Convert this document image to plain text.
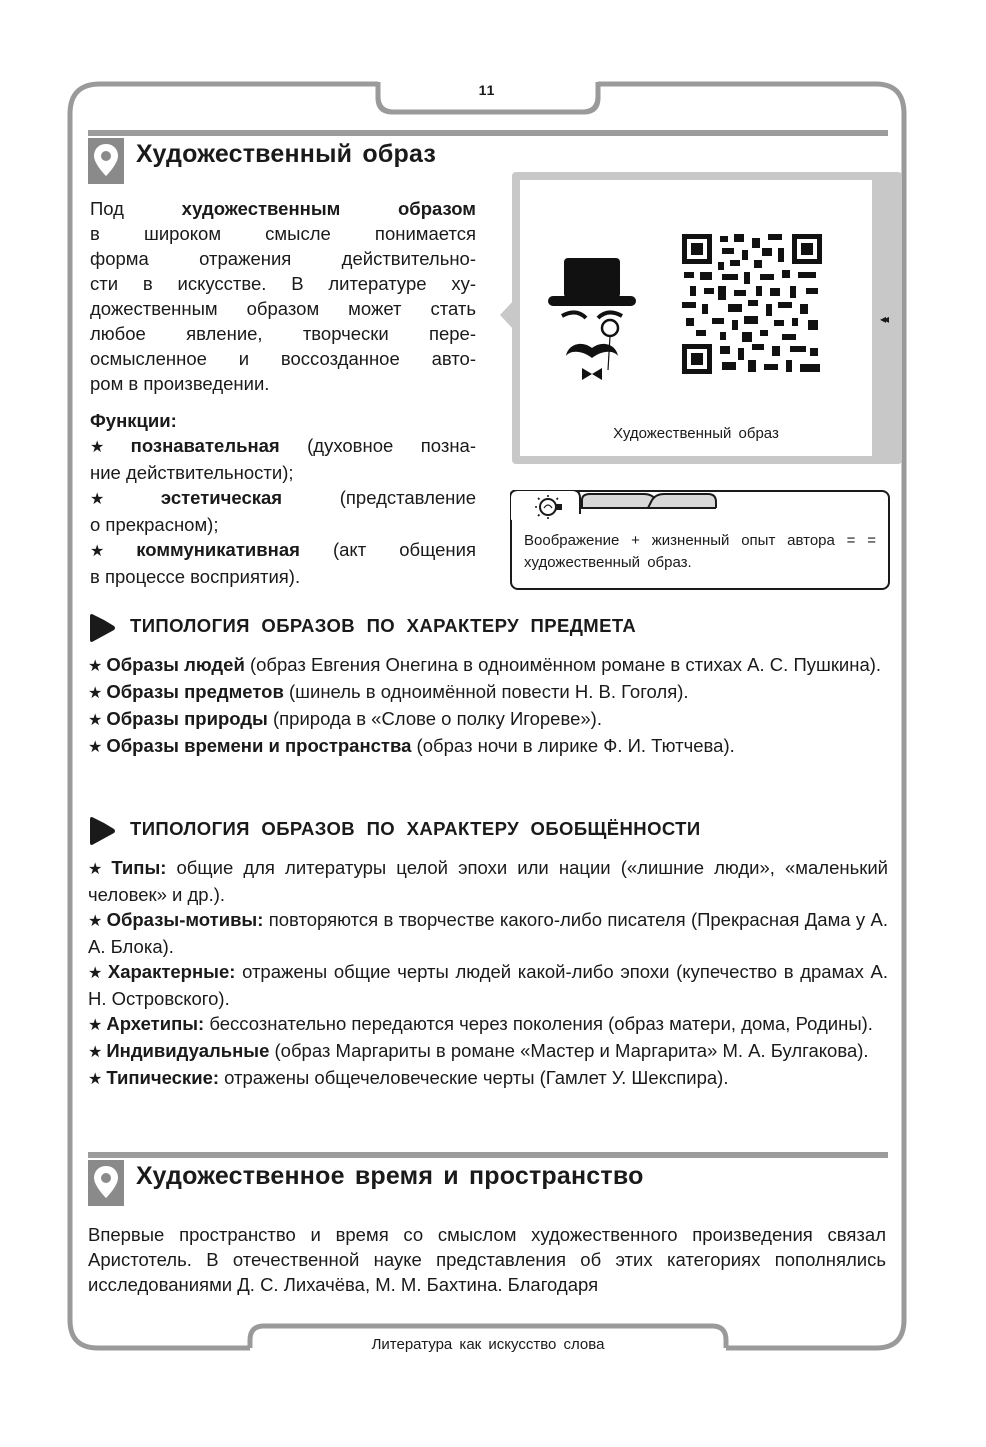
11
Художественный образ
Под художественным образом
в широком смысле понимается
форма отражения действительно-
сти в искусстве. В литературе ху-
дожественным образом может стать
любое явление, творчески пере-
осмысленное и воссозданное авто-
ром в произведении.
Функции:
★ познавательная (духовное позна-
ние действительности);
★ эстетическая (представление
о прекрасном);
★ коммуникативная (акт общения
в процессе восприятия).
Художественный образ
◂◂
Воображение + жизненный опыт автора = = художественный образ.
ТИПОЛОГИЯ ОБРАЗОВ ПО ХАРАКТЕРУ ПРЕДМЕТА

★ Образы людей (образ Евгения Онегина в одноимённом романе в стихах А. С. Пушкина).

★ Образы предметов (шинель в одноимённой повести Н. В. Гоголя).

★ Образы природы (природа в «Слове о полку Игореве»).

★ Образы времени и пространства (образ ночи в лирике Ф. И. Тютчева).

ТИПОЛОГИЯ ОБРАЗОВ ПО ХАРАКТЕРУ ОБОБЩЁННОСТИ

★ Типы: общие для литературы целой эпохи или нации («лишние люди», «маленький человек» и др.).

★ Образы-мотивы: повторяются в творчестве какого-либо писателя (Прекрасная Дама у А. А. Блока).

★ Характерные: отражены общие черты людей какой-либо эпохи (купечество в драмах А. Н. Островского).

★ Архетипы: бессознательно передаются через поколения (образ матери, дома, Родины).

★ Индивидуальные (образ Маргариты в романе «Мастер и Маргарита» М. А. Булгакова).

★ Типические: отражены общечеловеческие черты (Гамлет У. Шекспира).

Художественное время и пространство
Впервые пространство и время со смыслом художественного произведения связал Аристотель. В отечественной науке представления об этих категориях пополнялись исследованиями Д. С. Лихачёва, М. М. Бахтина. Благодаря
Литература как искусство слова
